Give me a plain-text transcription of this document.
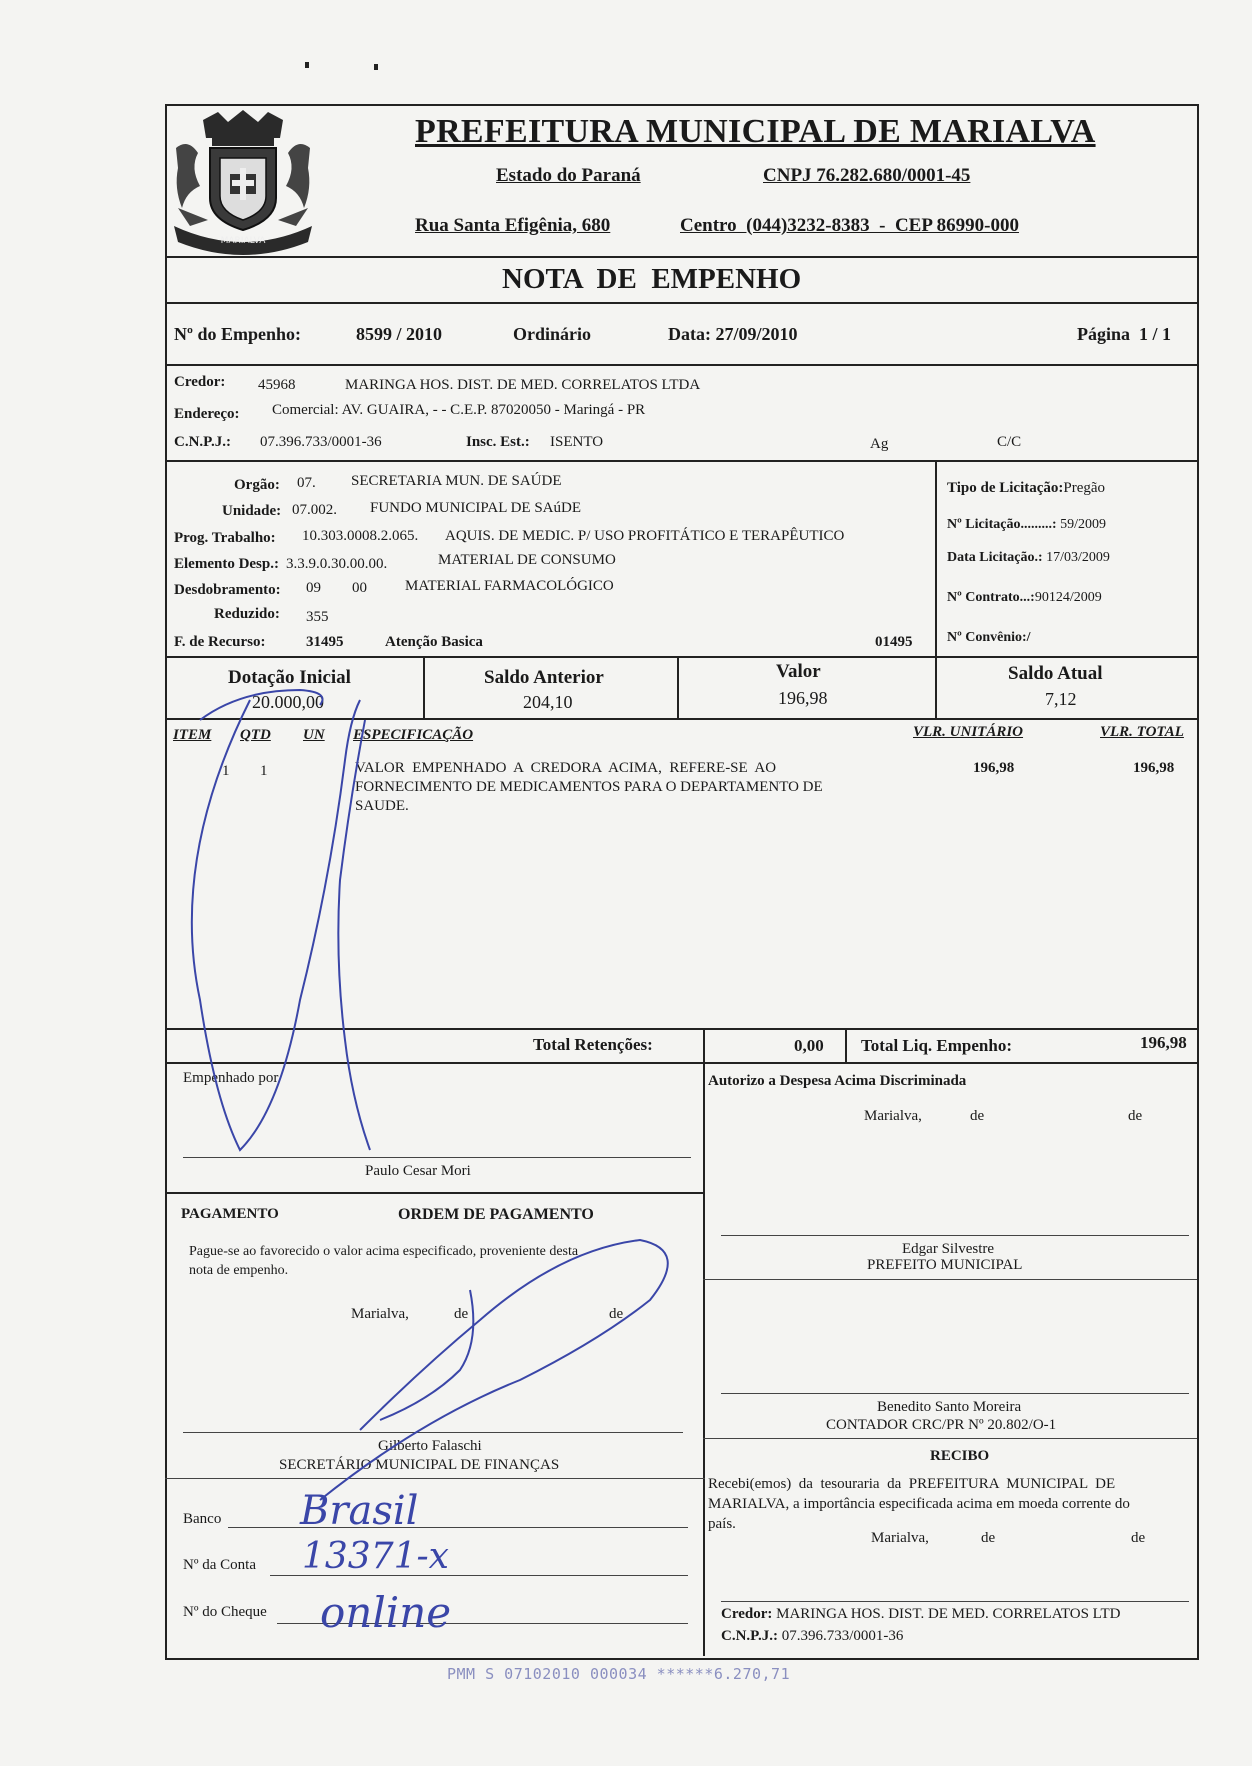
MARIALVA
PREFEITURA MUNICIPAL DE MARIALVA
Estado do Paraná	CNPJ 76.282.680/0001-45
Rua Santa Efigênia, 680	Centro  (044)3232-8383  -  CEP 86990-000
NOTA  DE  EMPENHO
Nº do Empenho:	8599 / 2010	Ordinário	Data: 27/09/2010	Página  1 / 1
Credor: 45968	MARINGA HOS. DIST. DE MED. CORRELATOS LTDA
Endereço: Comercial: AV. GUAIRA, - - C.E.P. 87020050 - Maringá - PR
C.N.P.J.: 07.396.733/0001-36	Insc. Est.: ISENTO	Ag	C/C
Orgão: 07. SECRETARIA MUN. DE SAÚDE
Unidade: 07.002. FUNDO MUNICIPAL DE SAúDE
Prog. Trabalho: 10.303.0008.2.065. AQUIS. DE MEDIC. P/ USO PROFITÁTICO E TERAPÊUTICO
Elemento Desp.: 3.3.9.0.30.00.00.	MATERIAL DE CONSUMO
Desdobramento: 09 00	MATERIAL FARMACOLÓGICO
Reduzido: 355
F. de Recurso:	31495	Atenção Basica	01495
Tipo de Licitação:Pregão
Nº Licitação.........: 59/2009
Data Licitação.: 17/03/2009
Nº Contrato...:90124/2009
Nº Convênio:/
Dotação Inicial
20.000,00
Saldo Anterior
204,10
Valor
196,98
Saldo Atual
7,12
ITEM QTD UN ESPECIFICAÇÃO	VLR. UNITÁRIO	VLR. TOTAL
1 1	VALOR  EMPENHADO  A  CREDORA  ACIMA,  REFERE-SE  AO
FORNECIMENTO DE MEDICAMENTOS PARA O DEPARTAMENTO DE
SAUDE.
196,98	196,98
Total Retenções:	0,00 Total Liq. Empenho:	196,98
Empenhado por
Paulo Cesar Mori
Autorizo a Despesa Acima Discriminada
Marialva,	de	de
Edgar Silvestre
PREFEITO MUNICIPAL
Benedito Santo Moreira
CONTADOR CRC/PR Nº 20.802/O-1
RECIBO
Recebi(emos)  da  tesouraria  da  PREFEITURA  MUNICIPAL  DE
MARIALVA, a importância especificada acima em moeda corrente do
país.
Marialva,	de	de
Credor: MARINGA HOS. DIST. DE MED. CORRELATOS LTD
C.N.P.J.: 07.396.733/0001-36
PAGAMENTO	ORDEM DE PAGAMENTO
Pague-se ao favorecido o valor acima especificado, proveniente desta
nota de empenho.
Marialva,	de	de
Gilberto Falaschi
SECRETÁRIO MUNICIPAL DE FINANÇAS
Banco
Nº da Conta
Nº do Cheque
PMM S 07102010 000034 ******6.270,71
Brasil
13371-x
online
